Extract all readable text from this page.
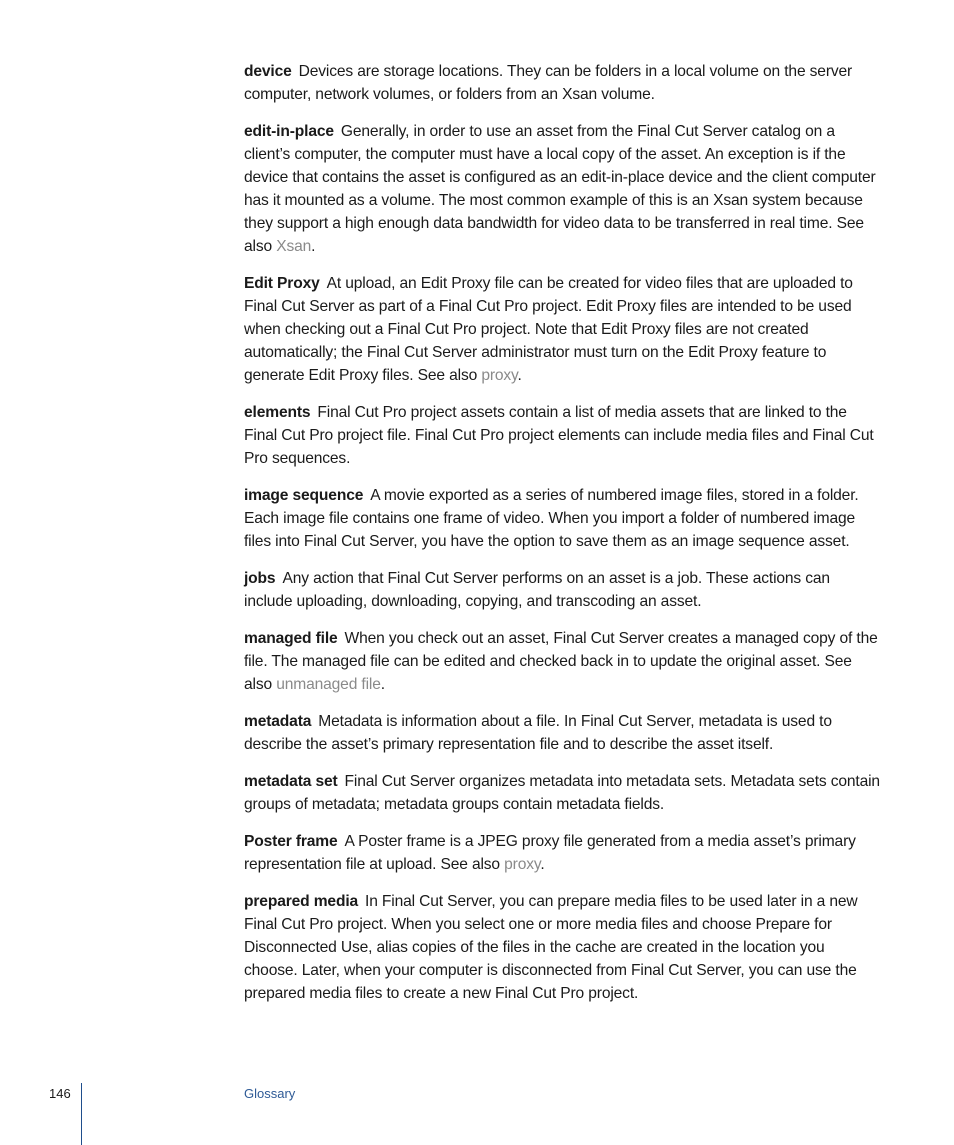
device Devices are storage locations. They can be folders in a local volume on the server computer, network volumes, or folders from an Xsan volume.

edit-in-place Generally, in order to use an asset from the Final Cut Server catalog on a client’s computer, the computer must have a local copy of the asset. An exception is if the device that contains the asset is configured as an edit-in-place device and the client computer has it mounted as a volume. The most common example of this is an Xsan system because they support a high enough data bandwidth for video data to be transferred in real time. See also Xsan.

Edit Proxy At upload, an Edit Proxy file can be created for video files that are uploaded to Final Cut Server as part of a Final Cut Pro project. Edit Proxy files are intended to be used when checking out a Final Cut Pro project. Note that Edit Proxy files are not created automatically; the Final Cut Server administrator must turn on the Edit Proxy feature to generate Edit Proxy files. See also proxy.

elements Final Cut Pro project assets contain a list of media assets that are linked to the Final Cut Pro project file. Final Cut Pro project elements can include media files and Final Cut Pro sequences.

image sequence A movie exported as a series of numbered image files, stored in a folder. Each image file contains one frame of video. When you import a folder of numbered image files into Final Cut Server, you have the option to save them as an image sequence asset.

jobs Any action that Final Cut Server performs on an asset is a job. These actions can include uploading, downloading, copying, and transcoding an asset.

managed file When you check out an asset, Final Cut Server creates a managed copy of the file. The managed file can be edited and checked back in to update the original asset. See also unmanaged file.

metadata Metadata is information about a file. In Final Cut Server, metadata is used to describe the asset’s primary representation file and to describe the asset itself.

metadata set Final Cut Server organizes metadata into metadata sets. Metadata sets contain groups of metadata; metadata groups contain metadata fields.

Poster frame A Poster frame is a JPEG proxy file generated from a media asset’s primary representation file at upload. See also proxy.

prepared media In Final Cut Server, you can prepare media files to be used later in a new Final Cut Pro project. When you select one or more media files and choose Prepare for Disconnected Use, alias copies of the files in the cache are created in the location you choose. Later, when your computer is disconnected from Final Cut Server, you can use the prepared media files to create a new Final Cut Pro project.

146	Glossary
